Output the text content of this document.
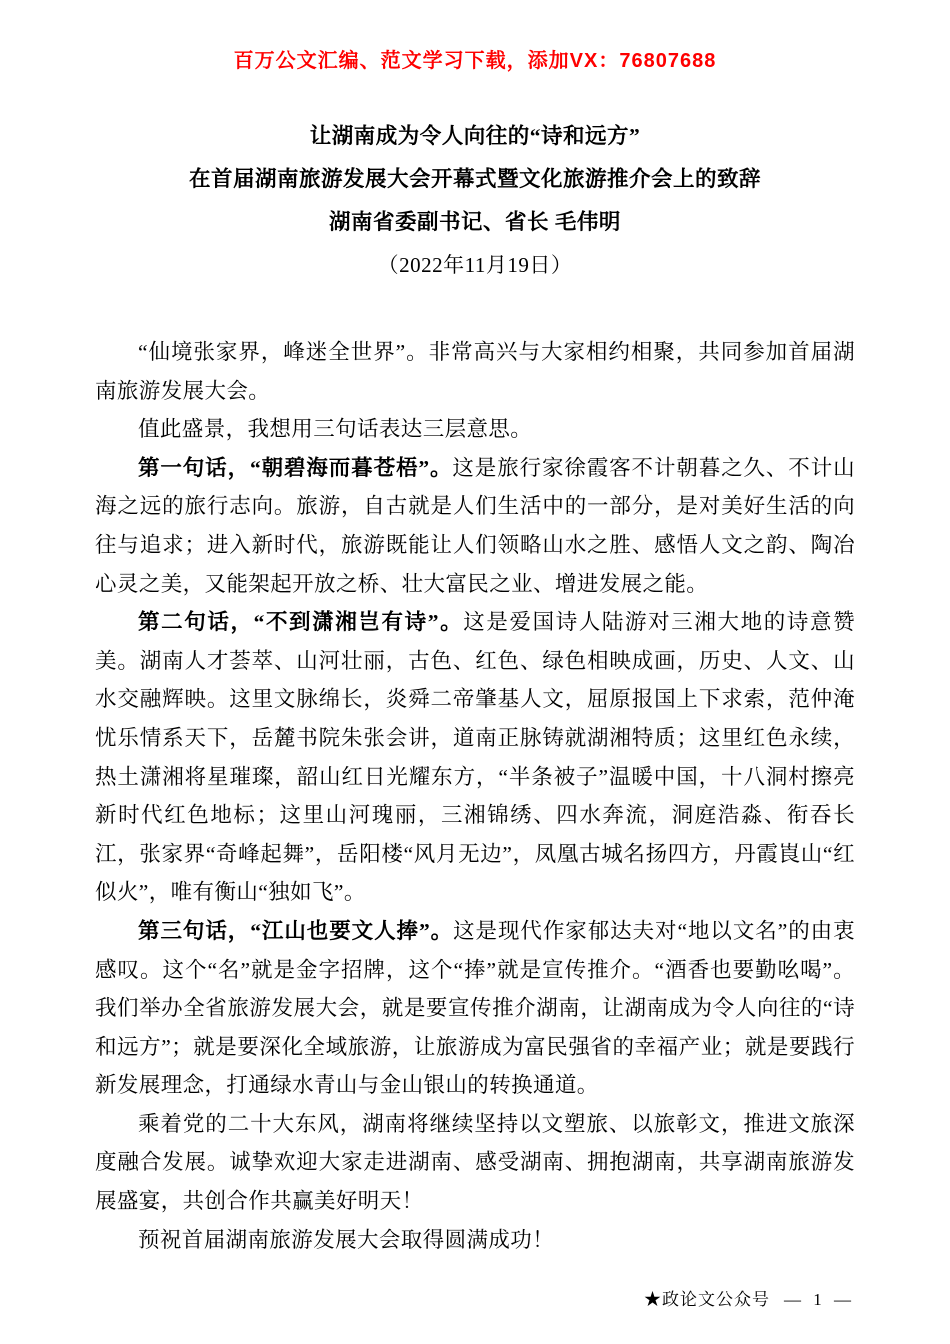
百万公文汇编、范文学习下载，添加VX：76807688
让湖南成为令人向往的“诗和远方”
在首届湖南旅游发展大会开幕式暨文化旅游推介会上的致辞
湖南省委副书记、省长 毛伟明
（2022年11月19日）

“仙境张家界，峰迷全世界”。非常高兴与大家相约相聚，共同参加首届湖南旅游发展大会。

值此盛景，我想用三句话表达三层意思。

第一句话，“朝碧海而暮苍梧”。这是旅行家徐霞客不计朝暮之久、不计山海之远的旅行志向。旅游，自古就是人们生活中的一部分，是对美好生活的向往与追求；进入新时代，旅游既能让人们领略山水之胜、感悟人文之韵、陶冶心灵之美，又能架起开放之桥、壮大富民之业、增进发展之能。

第二句话，“不到潇湘岂有诗”。这是爱国诗人陆游对三湘大地的诗意赞美。湖南人才荟萃、山河壮丽，古色、红色、绿色相映成画，历史、人文、山水交融辉映。这里文脉绵长，炎舜二帝肇基人文，屈原报国上下求索，范仲淹忧乐情系天下，岳麓书院朱张会讲，道南正脉铸就湖湘特质；这里红色永续，热土潇湘将星璀璨，韶山红日光耀东方，“半条被子”温暖中国，十八洞村擦亮新时代红色地标；这里山河瑰丽，三湘锦绣、四水奔流，洞庭浩淼、衔吞长江，张家界“奇峰起舞”，岳阳楼“风月无边”，凤凰古城名扬四方，丹霞崀山“红似火”，唯有衡山“独如飞”。

第三句话，“江山也要文人捧”。这是现代作家郁达夫对“地以文名”的由衷感叹。这个“名”就是金字招牌，这个“捧”就是宣传推介。“酒香也要勤吆喝”。我们举办全省旅游发展大会，就是要宣传推介湖南，让湖南成为令人向往的“诗和远方”；就是要深化全域旅游，让旅游成为富民强省的幸福产业；就是要践行新发展理念，打通绿水青山与金山银山的转换通道。

乘着党的二十大东风，湖南将继续坚持以文塑旅、以旅彰文，推进文旅深度融合发展。诚挚欢迎大家走进湖南、感受湖南、拥抱湖南，共享湖南旅游发展盛宴，共创合作共赢美好明天！

预祝首届湖南旅游发展大会取得圆满成功！

★政论文公众号 — 1 —
